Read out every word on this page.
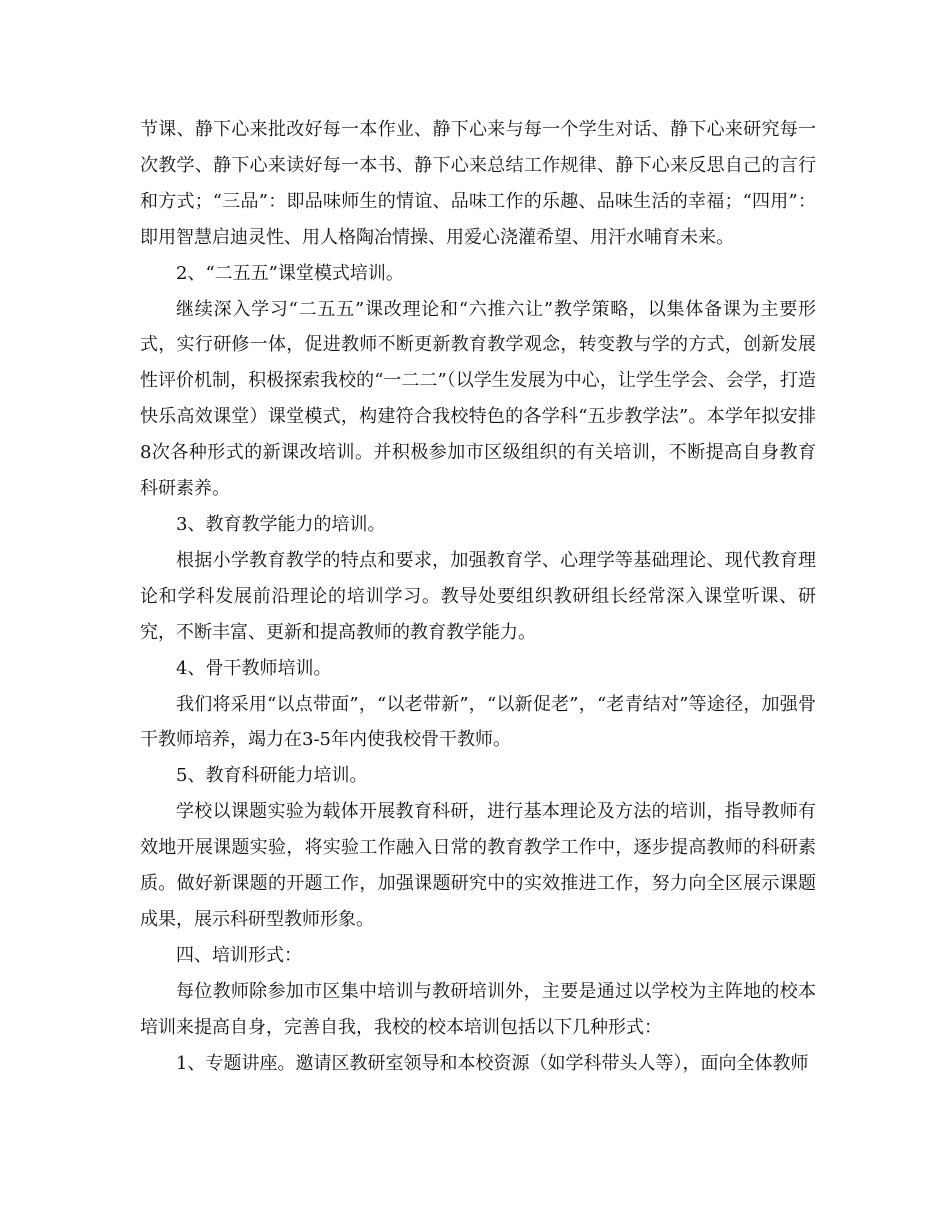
节课、静下心来批改好每一本作业、静下心来与每一个学生对话、静下心来研究每一次教学、静下心来读好每一本书、静下心来总结工作规律、静下心来反思自己的言行和方式；“三品”：即品味师生的情谊、品味工作的乐趣、品味生活的幸福；“四用”：即用智慧启迪灵性、用人格陶冶情操、用爱心浇灌希望、用汗水哺育未来。

2、“二五五”课堂模式培训。

继续深入学习“二五五”课改理论和“六推六让”教学策略，以集体备课为主要形式，实行研修一体，促进教师不断更新教育教学观念，转变教与学的方式，创新发展性评价机制，积极探索我校的“一二二”（以学生发展为中心，让学生学会、会学，打造快乐高效课堂）课堂模式，构建符合我校特色的各学科“五步教学法”。本学年拟安排8次各种形式的新课改培训。并积极参加市区级组织的有关培训，不断提高自身教育科研素养。

3、教育教学能力的培训。

根据小学教育教学的特点和要求，加强教育学、心理学等基础理论、现代教育理论和学科发展前沿理论的培训学习。教导处要组织教研组长经常深入课堂听课、研究，不断丰富、更新和提高教师的教育教学能力。

4、骨干教师培训。

我们将采用“以点带面”，“以老带新”，“以新促老”，“老青结对”等途径，加强骨干教师培养，竭力在3-5年内使我校骨干教师。

5、教育科研能力培训。

学校以课题实验为载体开展教育科研，进行基本理论及方法的培训，指导教师有效地开展课题实验，将实验工作融入日常的教育教学工作中，逐步提高教师的科研素质。做好新课题的开题工作，加强课题研究中的实效推进工作，努力向全区展示课题成果，展示科研型教师形象。

四、培训形式：

每位教师除参加市区集中培训与教研培训外，主要是通过以学校为主阵地的校本培训来提高自身，完善自我，我校的校本培训包括以下几种形式：

1、专题讲座。邀请区教研室领导和本校资源（如学科带头人等），面向全体教师
